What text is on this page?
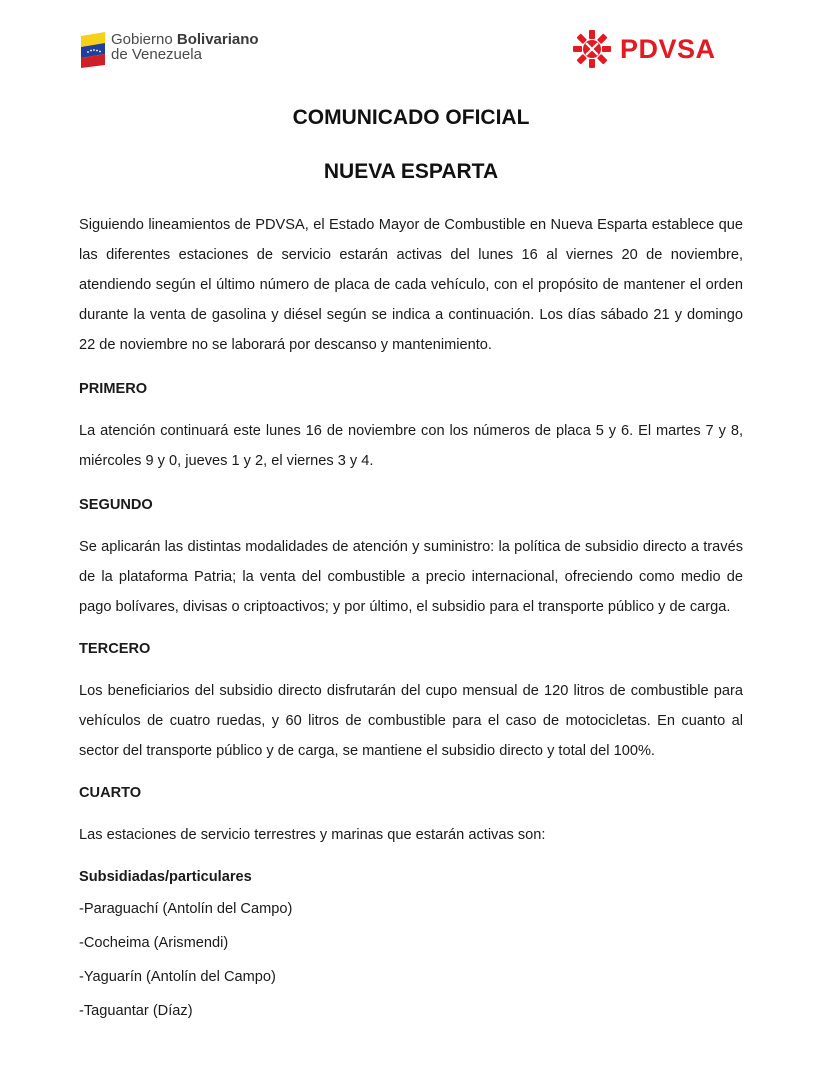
Gobierno Bolivariano
de Venezuela	PDVSA
COMUNICADO OFICIAL
NUEVA ESPARTA

Siguiendo lineamientos de PDVSA, el Estado Mayor de Combustible en Nueva Esparta establece que las diferentes estaciones de servicio estarán activas del lunes 16 al viernes 20 de noviembre, atendiendo según el último número de placa de cada vehículo, con el propósito de mantener el orden durante la venta de gasolina y diésel según se indica a continuación. Los días sábado 21 y domingo 22 de noviembre no se laborará por descanso y mantenimiento.

PRIMERO

La atención continuará este lunes 16 de noviembre con los números de placa 5 y 6. El martes 7 y 8, miércoles 9 y 0, jueves 1 y 2, el viernes 3 y 4.

SEGUNDO

Se aplicarán las distintas modalidades de atención y suministro: la política de subsidio directo a través de la plataforma Patria; la venta del combustible a precio internacional, ofreciendo como medio de pago bolívares, divisas o criptoactivos; y por último, el subsidio para el transporte público y de carga.

TERCERO

Los beneficiarios del subsidio directo disfrutarán del cupo mensual de 120 litros de combustible para vehículos de cuatro ruedas, y 60 litros de combustible para el caso de motocicletas. En cuanto al sector del transporte público y de carga, se mantiene el subsidio directo y total del 100%.

CUARTO

Las estaciones de servicio terrestres y marinas que estarán activas son:

Subsidiadas/particulares

-Paraguachí (Antolín del Campo)

-Cocheima (Arismendi)

-Yaguarín (Antolín del Campo)

-Taguantar (Díaz)
